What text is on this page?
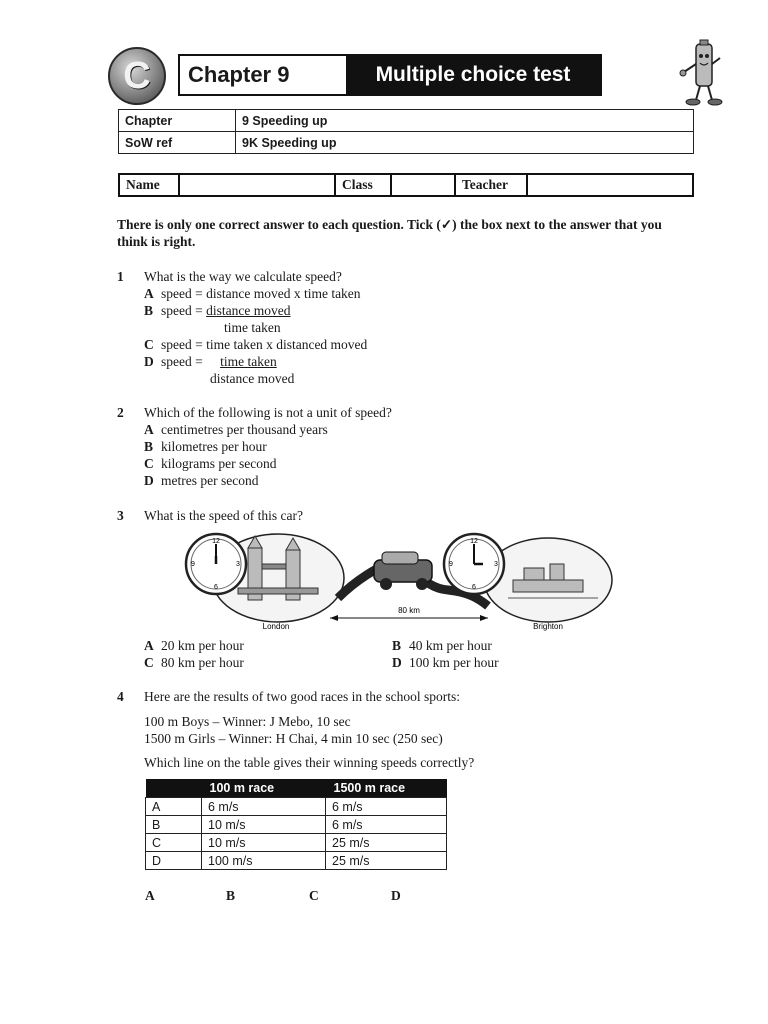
C	Chapter 9	Multiple choice test
Chapter	9 Speeding up
SoW ref	9K Speeding up
Name		Class		Teacher	
There is only one correct answer to each question. Tick (✓) the box next to the answer that you think is right.
1 What is the way we calculate speed?
A speed = distance moved x time taken
B speed = distance moved
time taken
C speed = time taken x distanced moved
D speed = time taken
distance moved
2 Which of the following is not a unit of speed?
A centimetres per thousand years
B kilometres per hour
C kilograms per second
D metres per second
3 What is the speed of this car?
12
3
6
9
12
3
6
9
80 km
London	Brighton
A 20 km per hour	B 40 km per hour
C 80 km per hour	D 100 km per hour
4 Here are the results of two good races in the school sports:
100 m Boys – Winner: J Mebo, 10 sec
1500 m Girls – Winner: H Chai, 4 min 10 sec (250 sec)
Which line on the table gives their winning speeds correctly?
	100 m race	1500 m race
A	6 m/s	6 m/s
B	10 m/s	6 m/s
C	10 m/s	25 m/s
D	100 m/s	25 m/s
A	B	C	D
